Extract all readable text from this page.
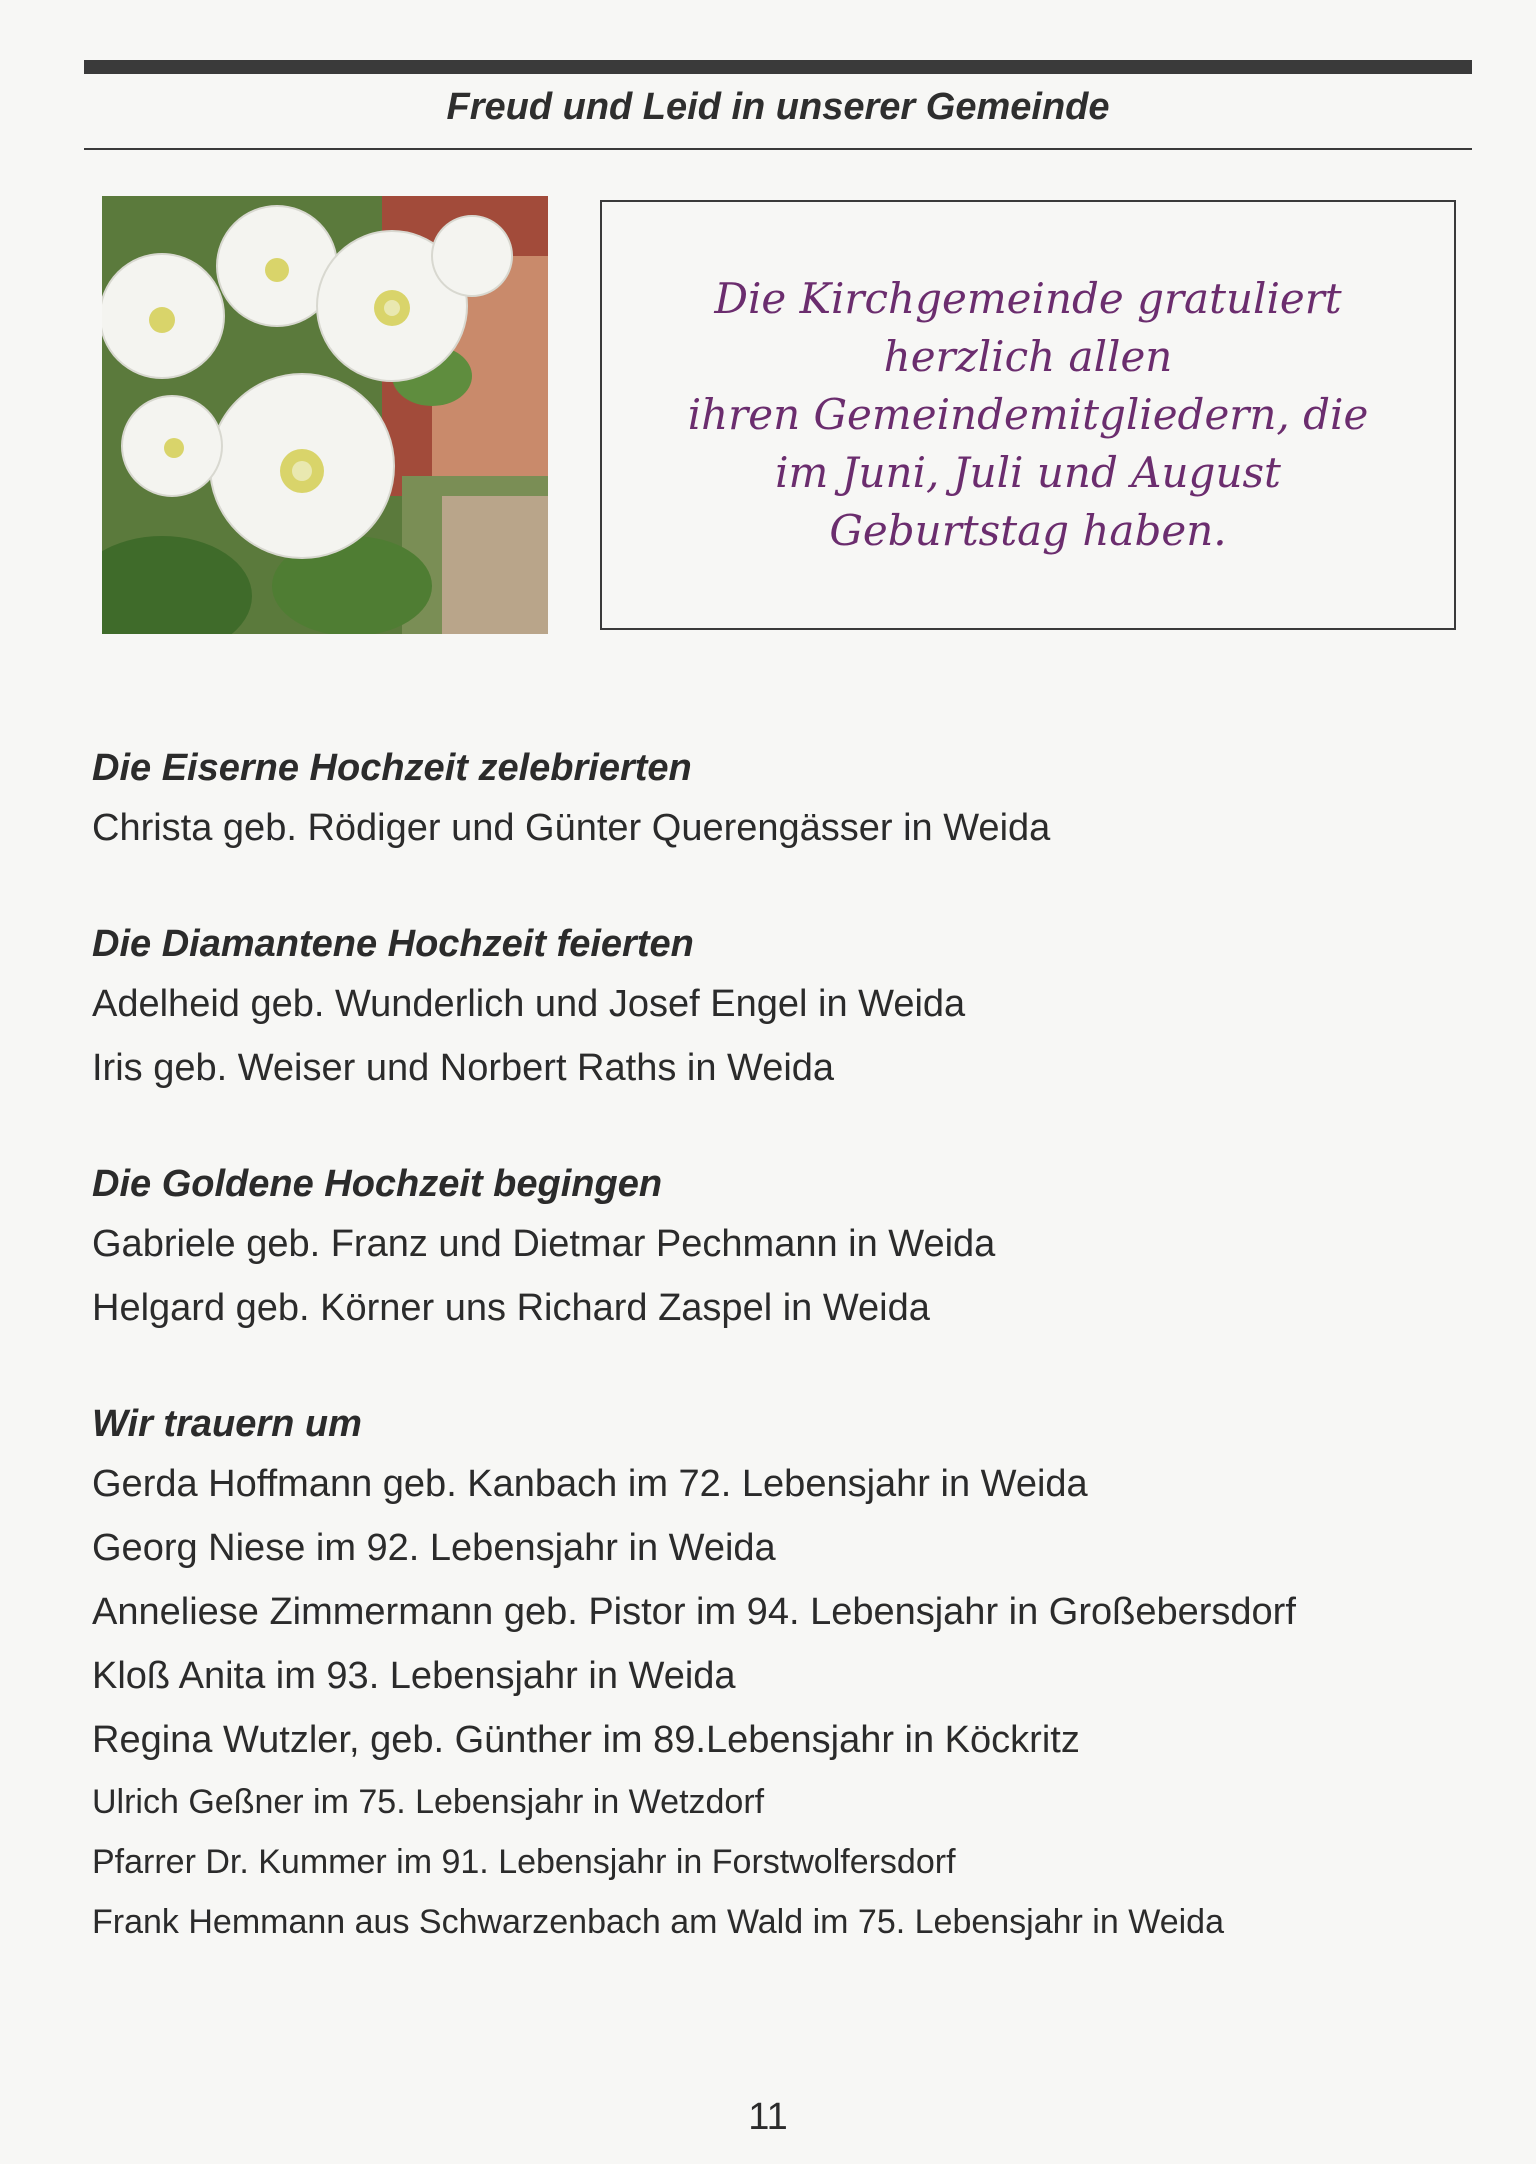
Freud und Leid in unserer Gemeinde

Die Kirchgemeinde gratuliert
herzlich allen
ihren Gemeindemitgliedern, die
im Juni, Juli und August
Geburtstag haben.

Die Eiserne Hochzeit zelebrierten
Christa geb. Rödiger und Günter Querengässer in Weida
Die Diamantene Hochzeit feierten
Adelheid geb. Wunderlich und Josef Engel in Weida
Iris geb. Weiser und Norbert Raths in Weida
Die Goldene Hochzeit begingen
Gabriele geb. Franz und Dietmar Pechmann in Weida
Helgard geb. Körner uns Richard Zaspel in Weida
Wir trauern um
Gerda Hoffmann geb. Kanbach im 72. Lebensjahr in Weida
Georg Niese im 92. Lebensjahr in Weida
Anneliese Zimmermann geb. Pistor im 94. Lebensjahr in Großebersdorf
Kloß Anita im 93. Lebensjahr in Weida
Regina Wutzler, geb. Günther im 89.Lebensjahr in Köckritz
Ulrich Geßner im 75. Lebensjahr in Wetzdorf
Pfarrer Dr. Kummer im 91. Lebensjahr in Forstwolfersdorf
Frank Hemmann aus Schwarzenbach am Wald im 75. Lebensjahr in Weida
11
